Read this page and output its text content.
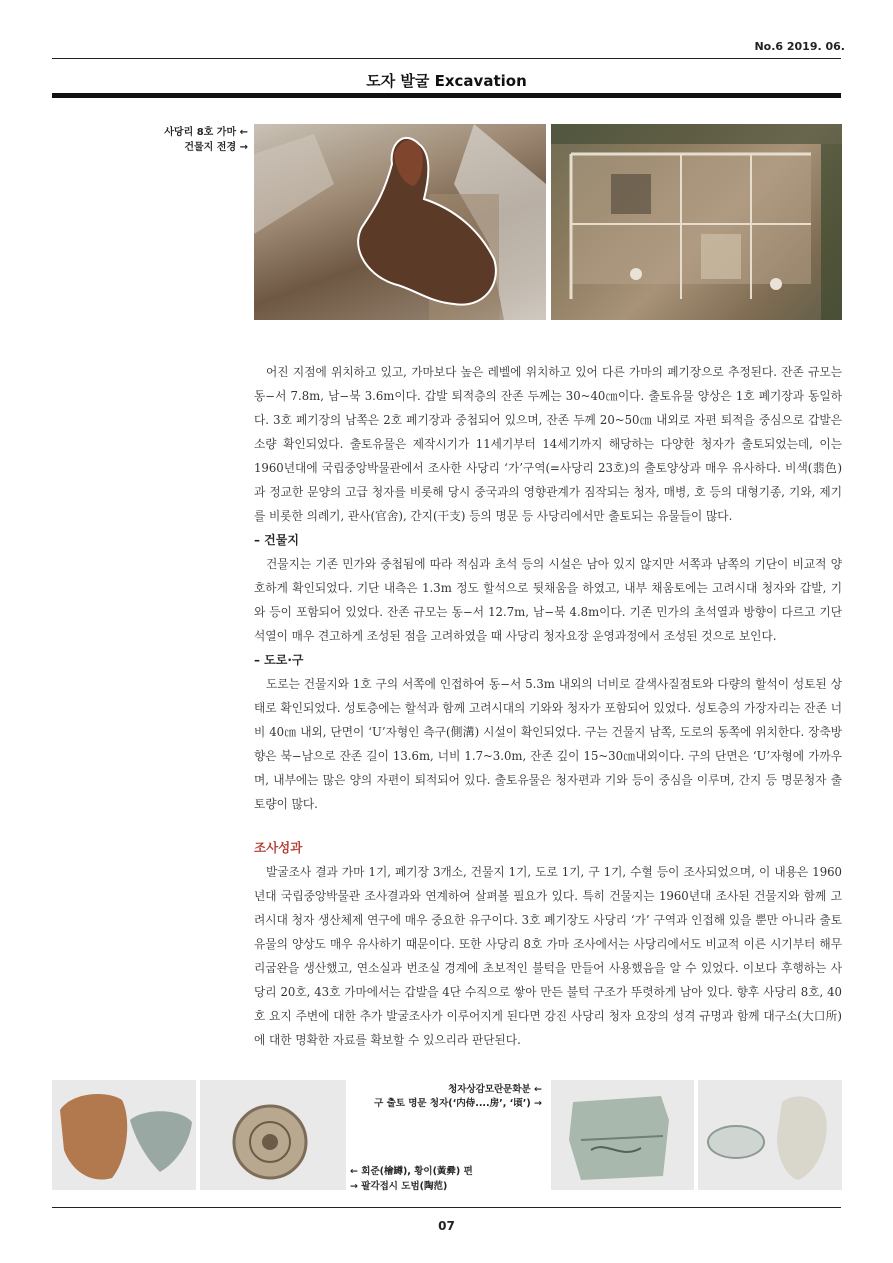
No.6 2019. 06.
도자 발굴 Excavation
사당리 8호 가마 ←
건물지 전경 →

어진 지점에 위치하고 있고, 가마보다 높은 레벨에 위치하고 있어 다른 가마의 폐기장으로 추정된다. 잔존 규모는 동−서 7.8m, 남−북 3.6m이다. 갑발 퇴적층의 잔존 두께는 30~40㎝이다. 출토유물 양상은 1호 폐기장과 동일하다. 3호 폐기장의 남쪽은 2호 폐기장과 중첩되어 있으며, 잔존 두께 20~50㎝ 내외로 자편 퇴적을 중심으로 갑발은 소량 확인되었다. 출토유물은 제작시기가 11세기부터 14세기까지 해당하는 다양한 청자가 출토되었는데, 이는 1960년대에 국립중앙박물관에서 조사한 사당리 ‘가’구역(=사당리 23호)의 출토양상과 매우 유사하다. 비색(翡色)과 정교한 문양의 고급 청자를 비롯해 당시 중국과의 영향관계가 짐작되는 청자, 매병, 호 등의 대형기종, 기와, 제기를 비롯한 의례기, 관사(官舍), 간지(干支) 등의 명문 등 사당리에서만 출토되는 유물들이 많다.

– 건물지

건물지는 기존 민가와 중첩됨에 따라 적심과 초석 등의 시설은 남아 있지 않지만 서쪽과 남쪽의 기단이 비교적 양호하게 확인되었다. 기단 내측은 1.3m 정도 할석으로 뒷채움을 하였고, 내부 채움토에는 고려시대 청자와 갑발, 기와 등이 포함되어 있었다. 잔존 규모는 동−서 12.7m, 남−북 4.8m이다. 기존 민가의 초석열과 방향이 다르고 기단석열이 매우 견고하게 조성된 점을 고려하였을 때 사당리 청자요장 운영과정에서 조성된 것으로 보인다.

– 도로·구

도로는 건물지와 1호 구의 서쪽에 인접하여 동−서 5.3m 내외의 너비로 갈색사질점토와 다량의 할석이 성토된 상태로 확인되었다. 성토층에는 할석과 함께 고려시대의 기와와 청자가 포함되어 있었다. 성토층의 가장자리는 잔존 너비 40㎝ 내외, 단면이 ‘U’자형인 측구(側溝) 시설이 확인되었다. 구는 건물지 남쪽, 도로의 동쪽에 위치한다. 장축방향은 북−남으로 잔존 길이 13.6m, 너비 1.7~3.0m, 잔존 깊이 15~30㎝내외이다. 구의 단면은 ‘U’자형에 가까우며, 내부에는 많은 양의 자편이 퇴적되어 있다. 출토유물은 청자편과 기와 등이 중심을 이루며, 간지 등 명문청자 출토량이 많다.

조사성과

발굴조사 결과 가마 1기, 폐기장 3개소, 건물지 1기, 도로 1기, 구 1기, 수혈 등이 조사되었으며, 이 내용은 1960년대 국립중앙박물관 조사결과와 연계하여 살펴볼 필요가 있다. 특히 건물지는 1960년대 조사된 건물지와 함께 고려시대 청자 생산체제 연구에 매우 중요한 유구이다. 3호 폐기장도 사당리 ‘가’ 구역과 인접해 있을 뿐만 아니라 출토유물의 양상도 매우 유사하기 때문이다. 또한 사당리 8호 가마 조사에서는 사당리에서도 비교적 이른 시기부터 해무리굽완을 생산했고, 연소실과 번조실 경계에 초보적인 불턱을 만들어 사용했음을 알 수 있었다. 이보다 후행하는 사당리 20호, 43호 가마에서는 갑발을 4단 수직으로 쌓아 만든 불턱 구조가 뚜렷하게 남아 있다. 향후 사당리 8호, 40호 요지 주변에 대한 추가 발굴조사가 이루어지게 된다면 강진 사당리 청자 요장의 성격 규명과 함께 대구소(大口所)에 대한 명확한 자료를 확보할 수 있으리라 판단된다.

청자상감모란문화분 ←
구 출토 명문 청자(‘内侍....房’, ‘頃’) →
← 회준(檜罇), 황이(黃彛) 편
→ 팔각접시 도범(陶范)
07
